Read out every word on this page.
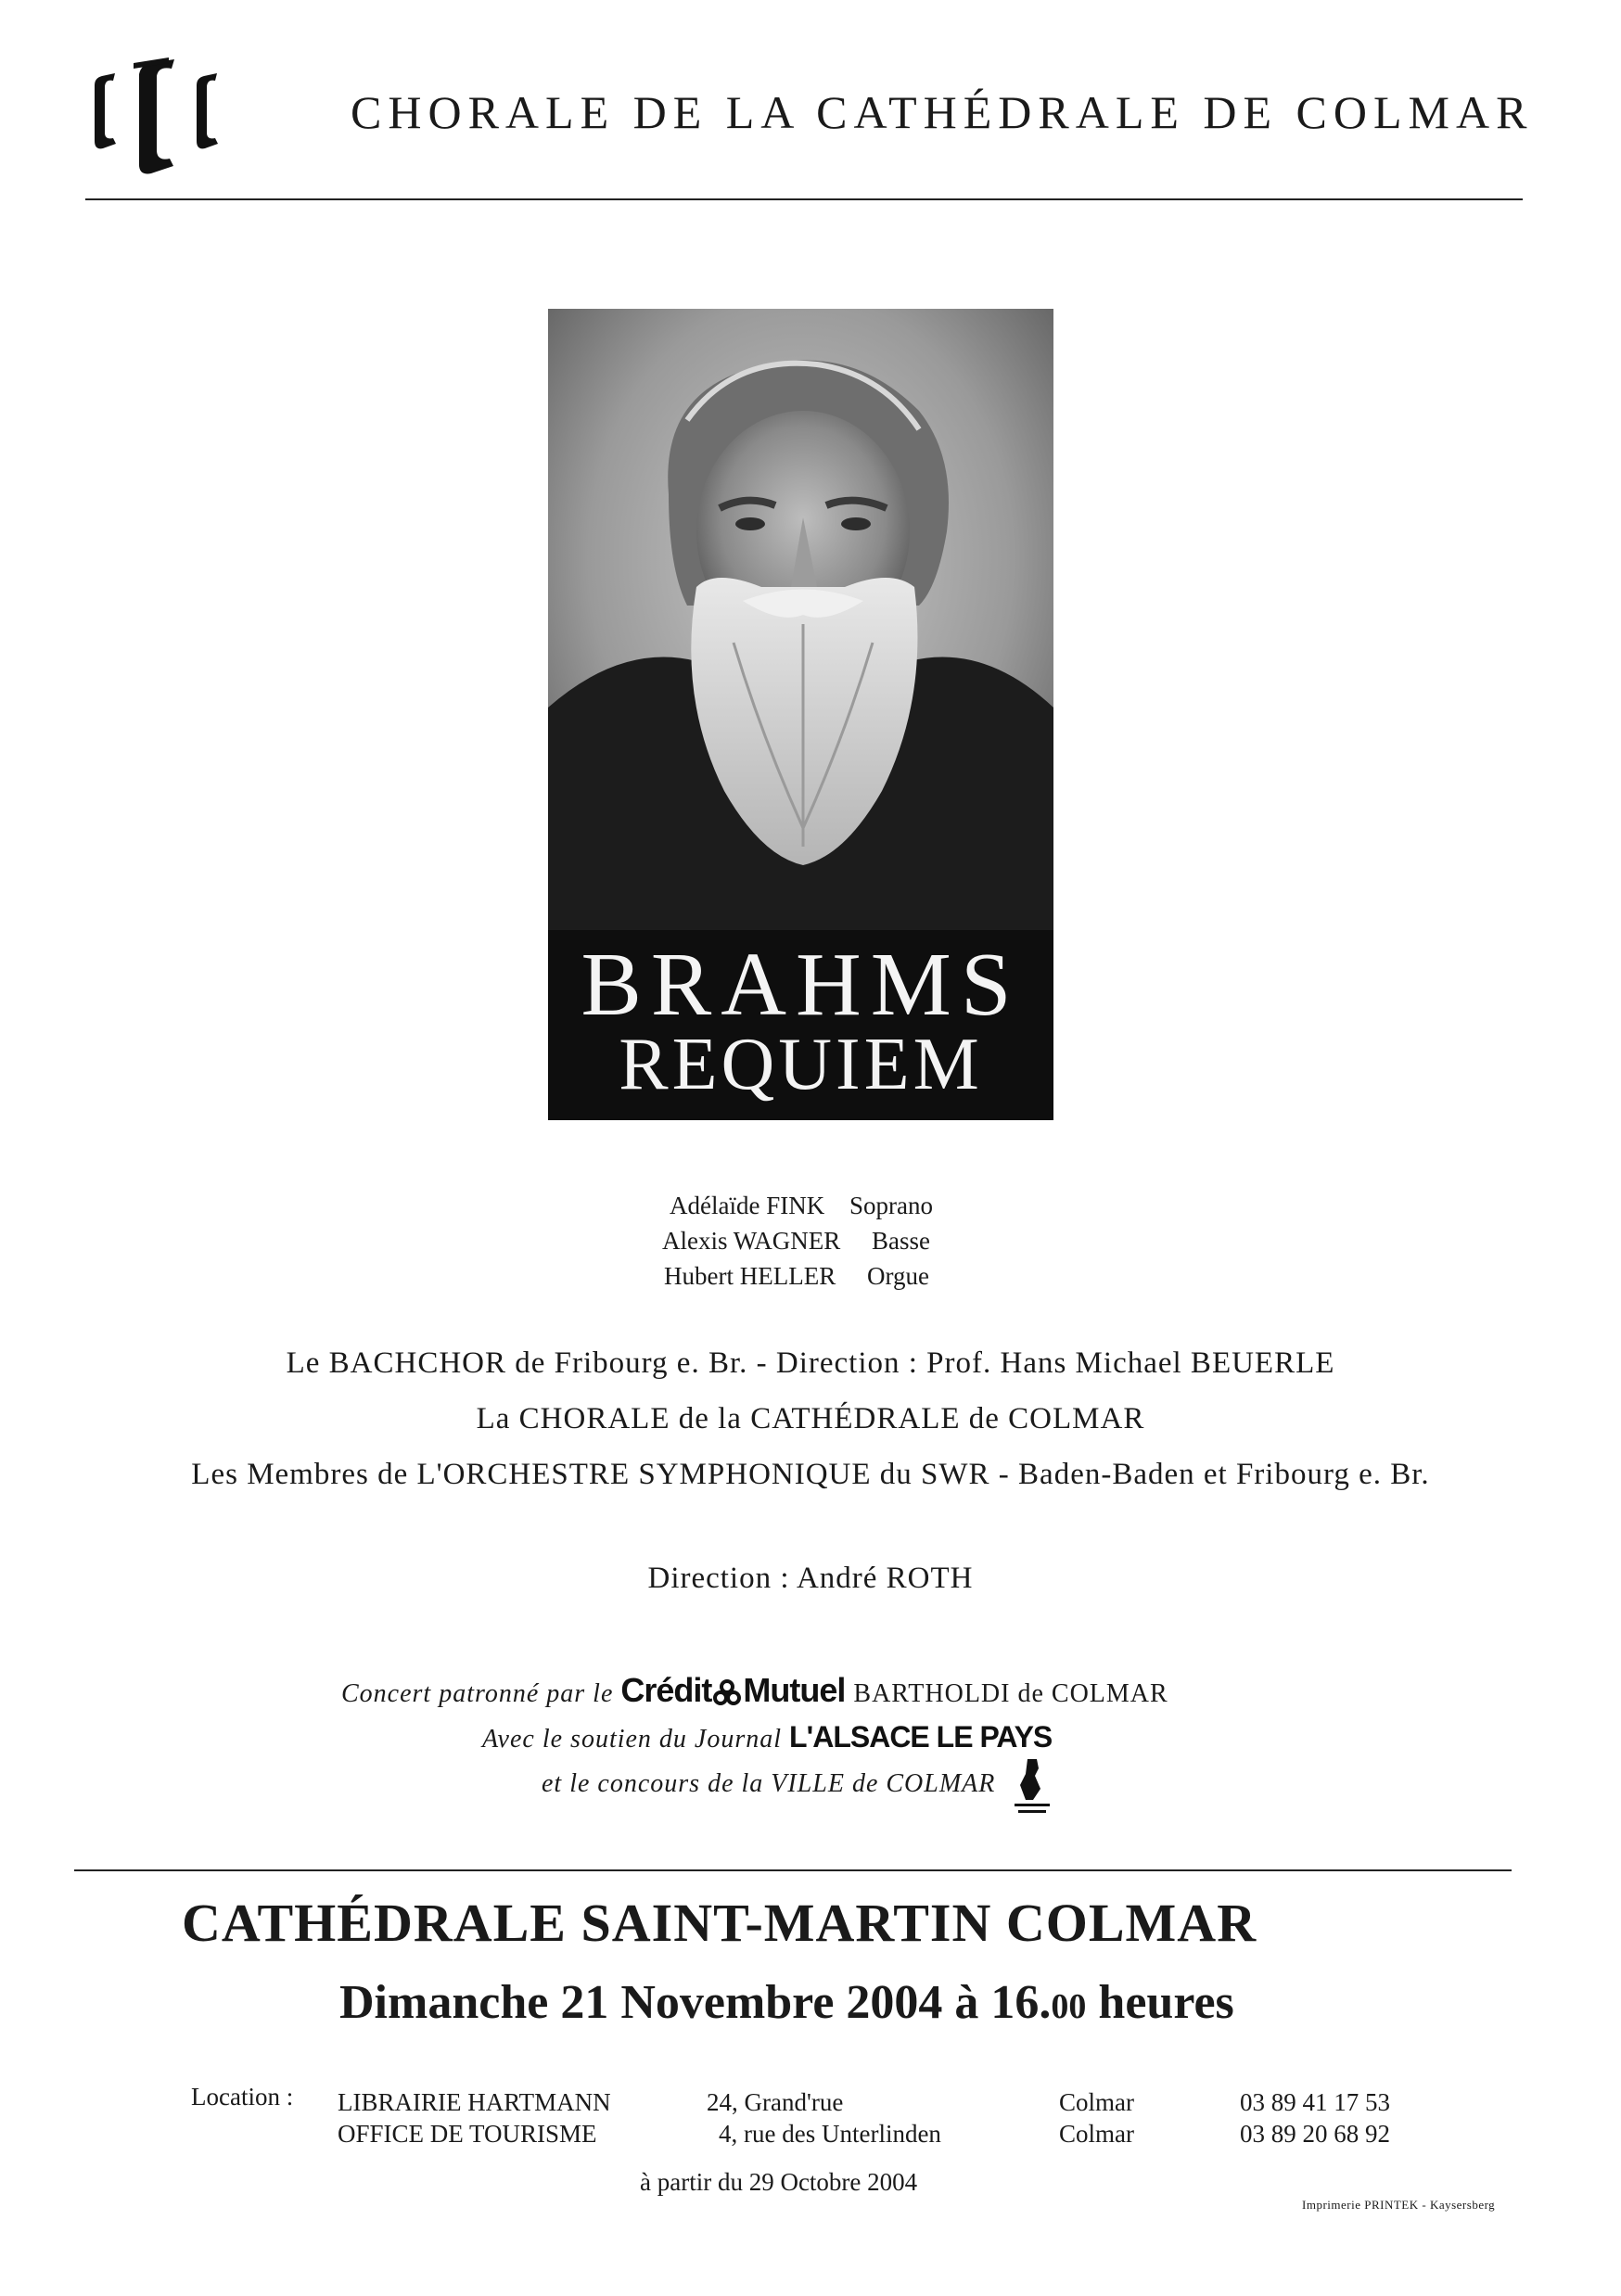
CHORALE DE LA CATHÉDRALE DE COLMAR
BRAHMS
REQUIEM
Adélaïde FINK Soprano
Alexis WAGNER Basse
Hubert HELLER Orgue
Le BACHCHOR de Fribourg e. Br. - Direction : Prof. Hans Michael BEUERLE
La CHORALE de la CATHÉDRALE de COLMAR
Les Membres de L'ORCHESTRE SYMPHONIQUE du SWR - Baden-Baden et Fribourg e. Br.
Direction : André ROTH
Concert patronné par le Crédit Mutuel BARTHOLDI de COLMAR
Avec le soutien du Journal L'ALSACE LE PAYS
et le concours de la VILLE de COLMAR
CATHÉDRALE SAINT-MARTIN COLMAR
Dimanche 21 Novembre 2004 à 16.00 heures
Location : LIBRAIRIE HARTMANN	24, Grand'rue	Colmar	03 89 41 17 53
OFFICE DE TOURISME	4, rue des Unterlinden	Colmar	03 89 20 68 92
à partir du 29 Octobre 2004
Imprimerie PRINTEK - Kaysersberg
